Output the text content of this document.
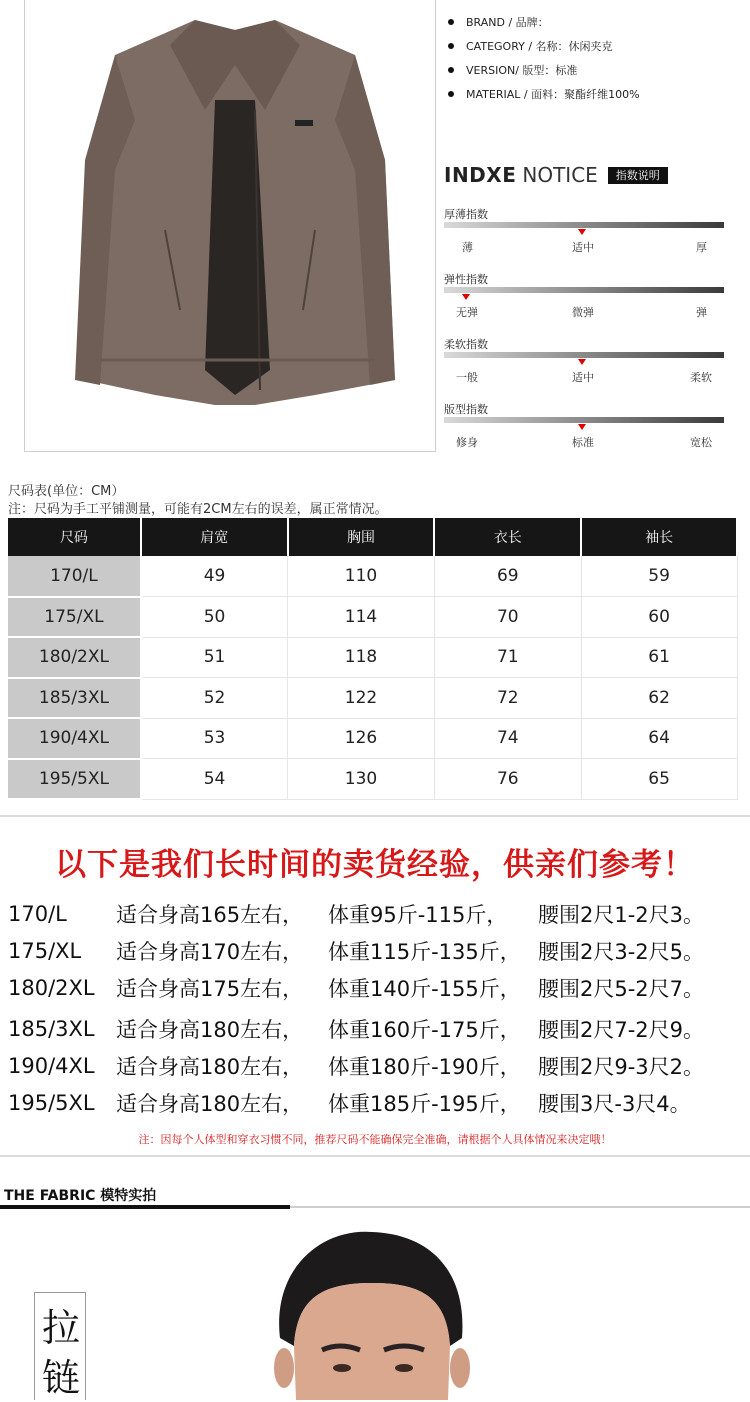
BRAND / 品牌：
CATEGORY / 名称：休闲夹克
VERSION/ 版型：标准
MATERIAL / 面料：聚酯纤维100%
INDXE NOTICE	指数说明
厚薄指数
薄	适中	厚
弹性指数
无弹	微弹	弹
柔软指数
一般	适中	柔软
版型指数
修身	标准	宽松
尺码表(单位：CM）
注：尺码为手工平铺测量，可能有2CM左右的误差，属正常情况。
尺码	肩宽	胸围	衣长	袖长
170/L	49	110	69	59
175/XL	50	114	70	60
180/2XL	51	118	71	61
185/3XL	52	122	72	62
190/4XL	53	126	74	64
195/5XL	54	130	76	65
以下是我们长时间的卖货经验，供亲们参考！
170/L	适合身高165左右，	体重95斤-115斤，	腰围2尺1-2尺3。
175/XL	适合身高170左右，	体重115斤-135斤， 腰围2尺3-2尺5。
180/2XL	适合身高175左右，	体重140斤-155斤， 腰围2尺5-2尺7。
185/3XL	适合身高180左右，	体重160斤-175斤， 腰围2尺7-2尺9。
190/4XL	适合身高180左右，	体重180斤-190斤， 腰围2尺9-3尺2。
195/5XL	适合身高180左右，	体重185斤-195斤， 腰围3尺-3尺4。
注：因每个人体型和穿衣习惯不同，推荐尺码不能确保完全准确，请根据个人具体情况来决定哦！
THE FABRIC 模特实拍
拉
链
